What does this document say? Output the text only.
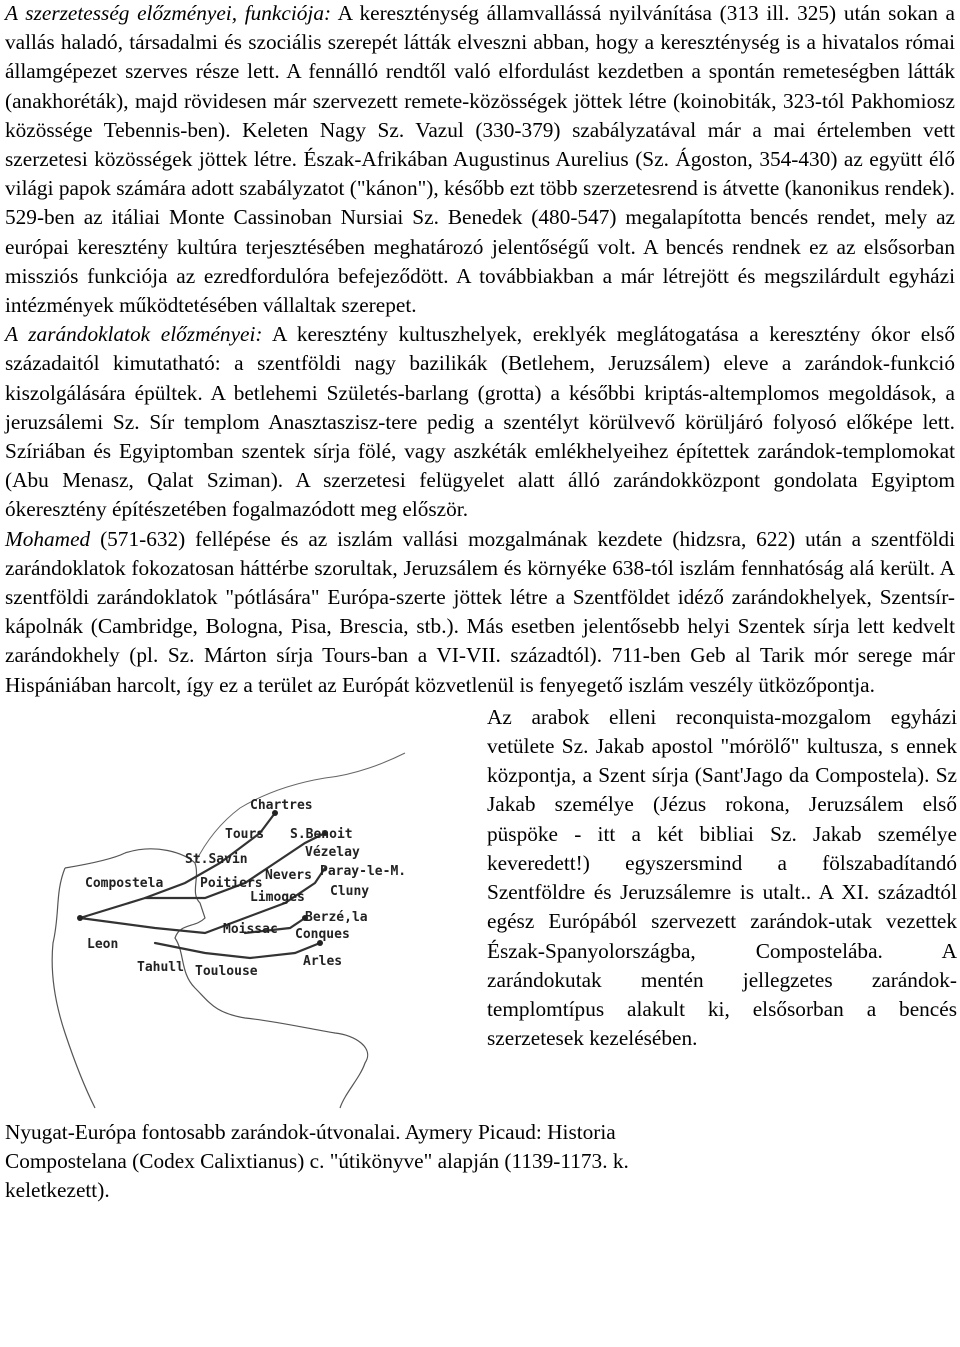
A szerzetesség előzményei, funkciója: A kereszténység államvallássá nyilvánítása (313 ill. 325) után sokan a vallás haladó, társadalmi és szociális szerepét látták elveszni abban, hogy a kereszténység is a hivatalos római államgépezet szerves része lett. A fennálló rendtől való elfordulást kezdetben a spontán remeteségben látták (anakhoréták), majd rövidesen már szervezett remete-közösségek jöttek létre (koinobiták, 323-tól Pakhomiosz közössége Tebennis-ben). Keleten Nagy Sz. Vazul (330-379) szabályzatával már a mai értelemben vett szerzetesi közösségek jöttek létre. Észak-Afrikában Augustinus Aurelius (Sz. Ágoston, 354-430) az együtt élő világi papok számára adott szabályzatot ("kánon"), később ezt több szerzetesrend is átvette (kanonikus rendek). 529-ben az itáliai Monte Cassinoban Nursiai Sz. Benedek (480-547) megalapította bencés rendet, mely az európai keresztény kultúra terjesztésében meghatározó jelentőségű volt. A bencés rendnek ez az elsősorban missziós funkciója az ezredfordulóra befejeződött. A továbbiakban a már létrejött és megszilárdult egyházi intézmények működtetésében vállaltak szerepet.

A zarándoklatok előzményei: A keresztény kultuszhelyek, ereklyék meglátogatása a keresztény ókor első századaitól kimutatható: a szentföldi nagy bazilikák (Betlehem, Jeruzsálem) eleve a zarándok-funkció kiszolgálására épültek. A betlehemi Születés-barlang (grotta) a későbbi kriptás-altemplomos megoldások, a jeruzsálemi Sz. Sír templom Anasztaszisz-tere pedig a szentélyt körülvevő körüljáró folyosó előképe lett. Szíriában és Egyiptomban szentek sírja fölé, vagy aszkéták emlékhelyeihez építettek zarándok-templomokat (Abu Menasz, Qalat Sziman). A szerzetesi felügyelet alatt álló zarándokközpont gondolata Egyiptom ókeresztény építészetében fogalmazódott meg először.

Mohamed (571-632) fellépése és az iszlám vallási mozgalmának kezdete (hidzsra, 622) után a szentföldi zarándoklatok fokozatosan háttérbe szorultak, Jeruzsálem és környéke 638-tól iszlám fennhatóság alá került. A szentföldi zarándoklatok "pótlására" Európa-szerte jöttek létre a Szentföldet idéző zarándokhelyek, Szentsír-kápolnák (Cambridge, Bologna, Pisa, Brescia, stb.). Más esetben jelentősebb helyi Szentek sírja lett kedvelt zarándokhely (pl. Sz. Márton sírja Tours-ban a VI-VII. századtól). 711-ben Geb al Tarik mór serege már Hispániában harcolt, így ez a terület az Európát közvetlenül is fenyegető iszlám veszély ütközőpontja.

Chartres
Tours S.Benoit
Vézelay
St.Savin
Paray-le-M.
Nevers
Cluny
Poitiers
Compostela
Limoges
Leon
Moissac
Berzé,la
Conques
Tahull Toulouse
Arles

Az arabok elleni reconquista-mozgalom egyházi vetülete Sz. Jakab apostol "mórölő" kultusza, s ennek központja, a Szent sírja (Sant'Jago da Compostela). Sz Jakab személye (Jézus rokona, Jeruzsálem első püspöke - itt a két bibliai Sz. Jakab személye keveredett!) egyszersmind a fölszabadítandó Szentföldre és Jeruzsálemre is utalt.. A XI. századtól egész Európából szervezett zarándok-utak vezettek Észak-Spanyolországba, Compostelába. A zarándokutak mentén jellegzetes zarándok-templomtípus alakult ki, elsősorban a bencés szerzetesek kezelésében.

Nyugat-Európa fontosabb zarándok-útvonalai. Aymery Picaud: Historia Compostelana (Codex Calixtianus) c. "útikönyve" alapján (1139-1173. k. keletkezett).
